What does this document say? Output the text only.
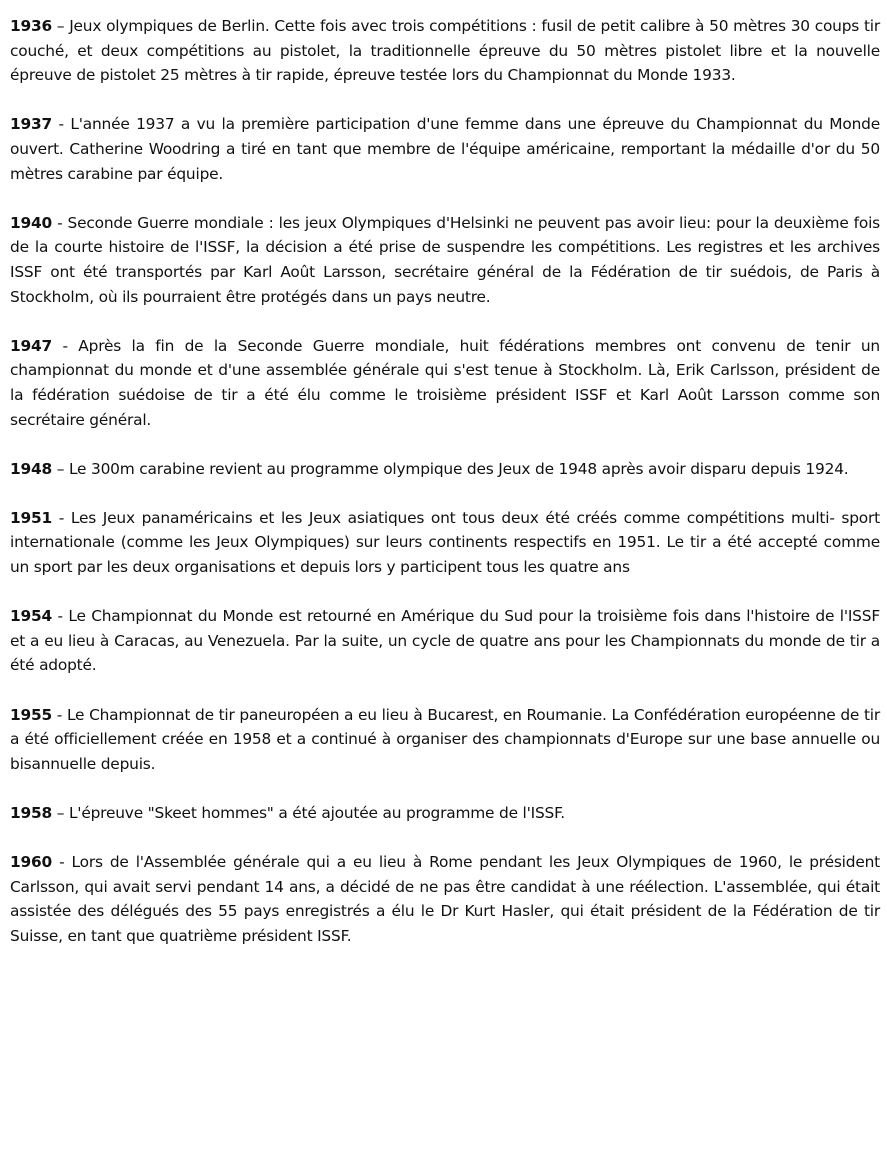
1936 – Jeux olympiques de Berlin. Cette fois avec trois compétitions : fusil de petit calibre à 50 mètres 30 coups tir couché, et deux compétitions au pistolet, la traditionnelle épreuve du 50 mètres pistolet libre et la nouvelle épreuve de pistolet 25 mètres à tir rapide, épreuve testée lors du Championnat du Monde 1933.

1937 - L'année 1937 a vu la première participation d'une femme dans une épreuve du Championnat du Monde ouvert. Catherine Woodring a tiré en tant que membre de l'équipe américaine, remportant la médaille d'or du 50 mètres carabine par équipe.

1940 - Seconde Guerre mondiale : les jeux Olympiques d'Helsinki ne peuvent pas avoir lieu: pour la deuxième fois de la courte histoire de l'ISSF, la décision a été prise de suspendre les compétitions. Les registres et les archives ISSF ont été transportés par Karl Août Larsson, secrétaire général de la Fédération de tir suédois, de Paris à Stockholm, où ils pourraient être protégés dans un pays neutre.

1947 - Après la fin de la Seconde Guerre mondiale, huit fédérations membres ont convenu de tenir un championnat du monde et d'une assemblée générale qui s'est tenue à Stockholm. Là, Erik Carlsson, président de la fédération suédoise de tir a été élu comme le troisième président ISSF et Karl Août Larsson comme son secrétaire général.

1948 – Le 300m carabine revient au programme olympique des Jeux de 1948 après avoir disparu depuis 1924.

1951 - Les Jeux panaméricains et les Jeux asiatiques ont tous deux été créés comme compétitions multi- sport internationale (comme les Jeux Olympiques) sur leurs continents respectifs en 1951. Le tir a été accepté comme un sport par les deux organisations et depuis lors y participent tous les quatre ans

1954 - Le Championnat du Monde est retourné en Amérique du Sud pour la troisième fois dans l'histoire de l'ISSF et a eu lieu à Caracas, au Venezuela. Par la suite, un cycle de quatre ans pour les Championnats du monde de tir a été adopté.

1955 - Le Championnat de tir paneuropéen a eu lieu à Bucarest, en Roumanie. La Confédération européenne de tir a été officiellement créée en 1958 et a continué à organiser des championnats d'Europe sur une base annuelle ou bisannuelle depuis.

1958 – L'épreuve "Skeet hommes" a été ajoutée au programme de l'ISSF.

1960 - Lors de l'Assemblée générale qui a eu lieu à Rome pendant les Jeux Olympiques de 1960, le président Carlsson, qui avait servi pendant 14 ans, a décidé de ne pas être candidat à une réélection. L'assemblée, qui était assistée des délégués des 55 pays enregistrés a élu le Dr Kurt Hasler, qui était président de la Fédération de tir Suisse, en tant que quatrième président ISSF.
